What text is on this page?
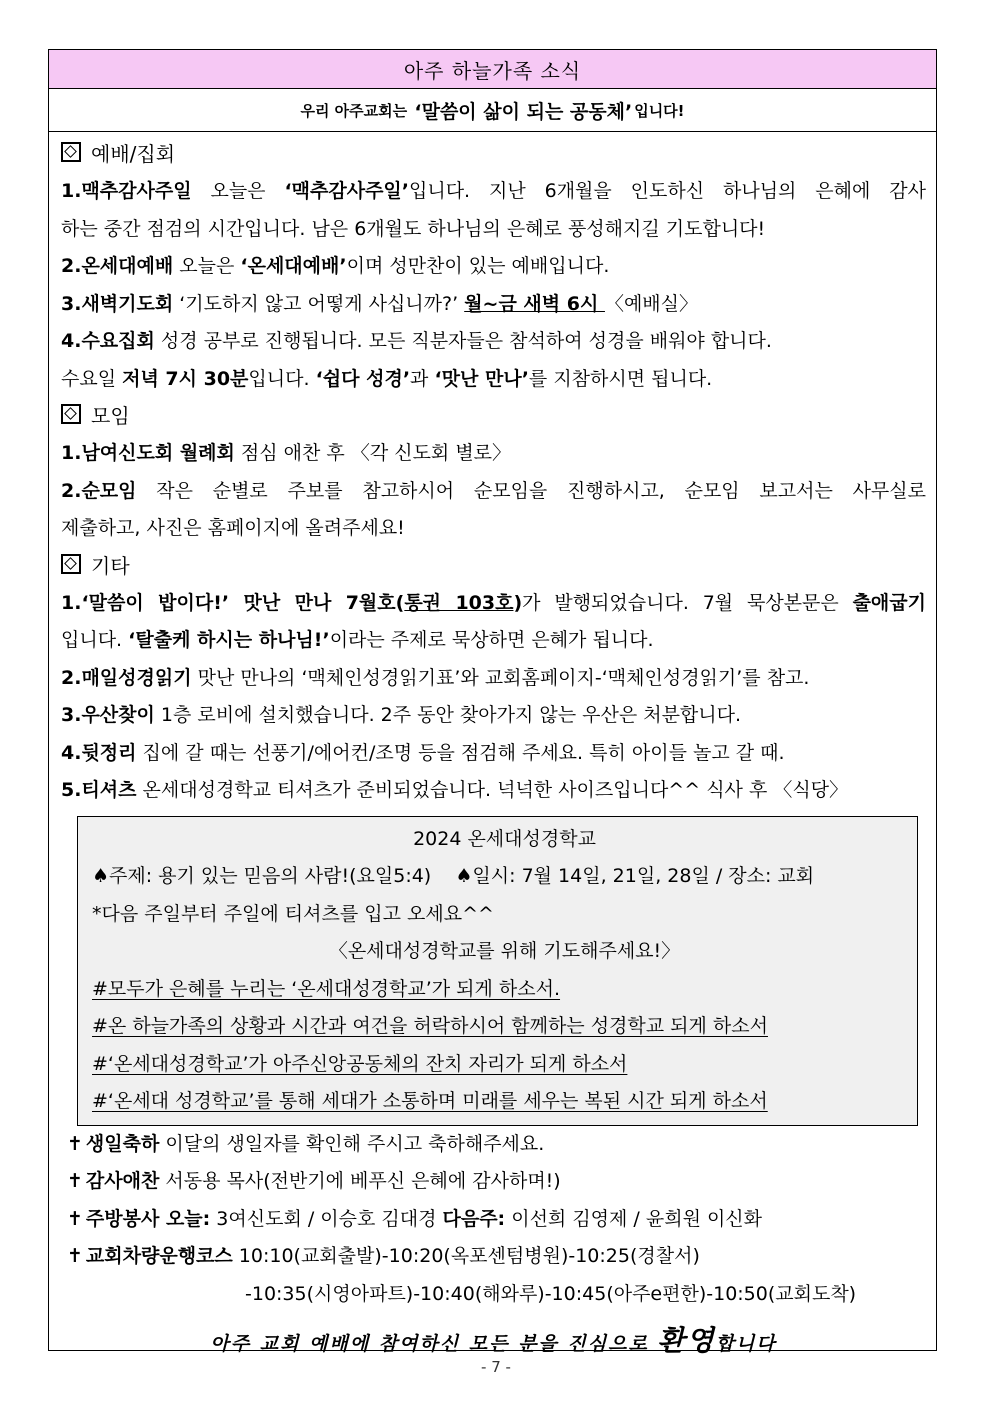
아주 하늘가족 소식
우리 아주교회는
‘말씀이 삶이 되는 공동체’ 입니다!
예배/집회
1.맥추감사주일 오늘은 ‘맥추감사주일’입니다. 지난 6개월을 인도하신 하나님의 은혜에 감사
하는 중간 점검의 시간입니다. 남은 6개월도 하나님의 은혜로 풍성해지길 기도합니다!
2.온세대예배 오늘은 ‘온세대예배’이며 성만찬이 있는 예배입니다.
3.새벽기도회 ‘기도하지 않고 어떻게 사십니까?’ 월~금 새벽 6시 〈예배실〉
4.수요집회 성경 공부로 진행됩니다. 모든 직분자들은 참석하여 성경을 배워야 합니다.
수요일 저녁 7시 30분입니다. ‘쉽다 성경’과 ‘맛난 만나’를 지참하시면 됩니다.
모임
1.남여신도회 월례회 점심 애찬 후 〈각 신도회 별로〉
2.순모임 작은 순별로 주보를 참고하시어 순모임을 진행하시고, 순모임 보고서는 사무실로
제출하고, 사진은 홈페이지에 올려주세요!
기타
1.‘말씀이 밥이다!’ 맛난 만나 7월호(통권 103호)가 발행되었습니다. 7월 묵상본문은 출애굽기
입니다. ‘탈출케 하시는 하나님!’이라는 주제로 묵상하면 은혜가 됩니다.
2.매일성경읽기 맛난 만나의 ‘맥체인성경읽기표’와 교회홈페이지-‘맥체인성경읽기’를 참고.
3.우산찾이 1층 로비에 설치했습니다. 2주 동안 찾아가지 않는 우산은 처분합니다.
4.뒷정리 집에 갈 때는 선풍기/에어컨/조명 등을 점검해 주세요. 특히 아이들 놀고 갈 때.
5.티셔츠 온세대성경학교 티셔츠가 준비되었습니다. 넉넉한 사이즈입니다^^ 식사 후 〈식당〉
2024 온세대성경학교
♠주제: 용기 있는 믿음의 사람!(요일5:4) ♠일시: 7월 14일, 21일, 28일 / 장소: 교회
*다음 주일부터 주일에 티셔츠를 입고 오세요^^
〈온세대성경학교를 위해 기도해주세요!〉
#모두가 은혜를 누리는 ‘온세대성경학교’가 되게 하소서.
#온 하늘가족의 상황과 시간과 여건을 허락하시어 함께하는 성경학교 되게 하소서
#‘온세대성경학교’가 아주신앙공동체의 잔치 자리가 되게 하소서
#‘온세대 성경학교’를 통해 세대가 소통하며 미래를 세우는 복된 시간 되게 하소서
✝ 생일축하 이달의 생일자를 확인해 주시고 축하해주세요.
✝ 감사애찬 서동용 목사(전반기에 베푸신 은혜에 감사하며!)
✝ 주방봉사 오늘: 3여신도회 / 이승호 김대경 다음주: 이선희 김영제 / 윤희원 이신화
✝ 교회차량운행코스 10:10(교회출발)-10:20(옥포센텀병원)-10:25(경찰서)
-10:35(시영아파트)-10:40(해와루)-10:45(아주e편한)-10:50(교회도착)
아주 교회 예배에 참여하신 모든 분을 진심으로 환영합니다
- 7 -
